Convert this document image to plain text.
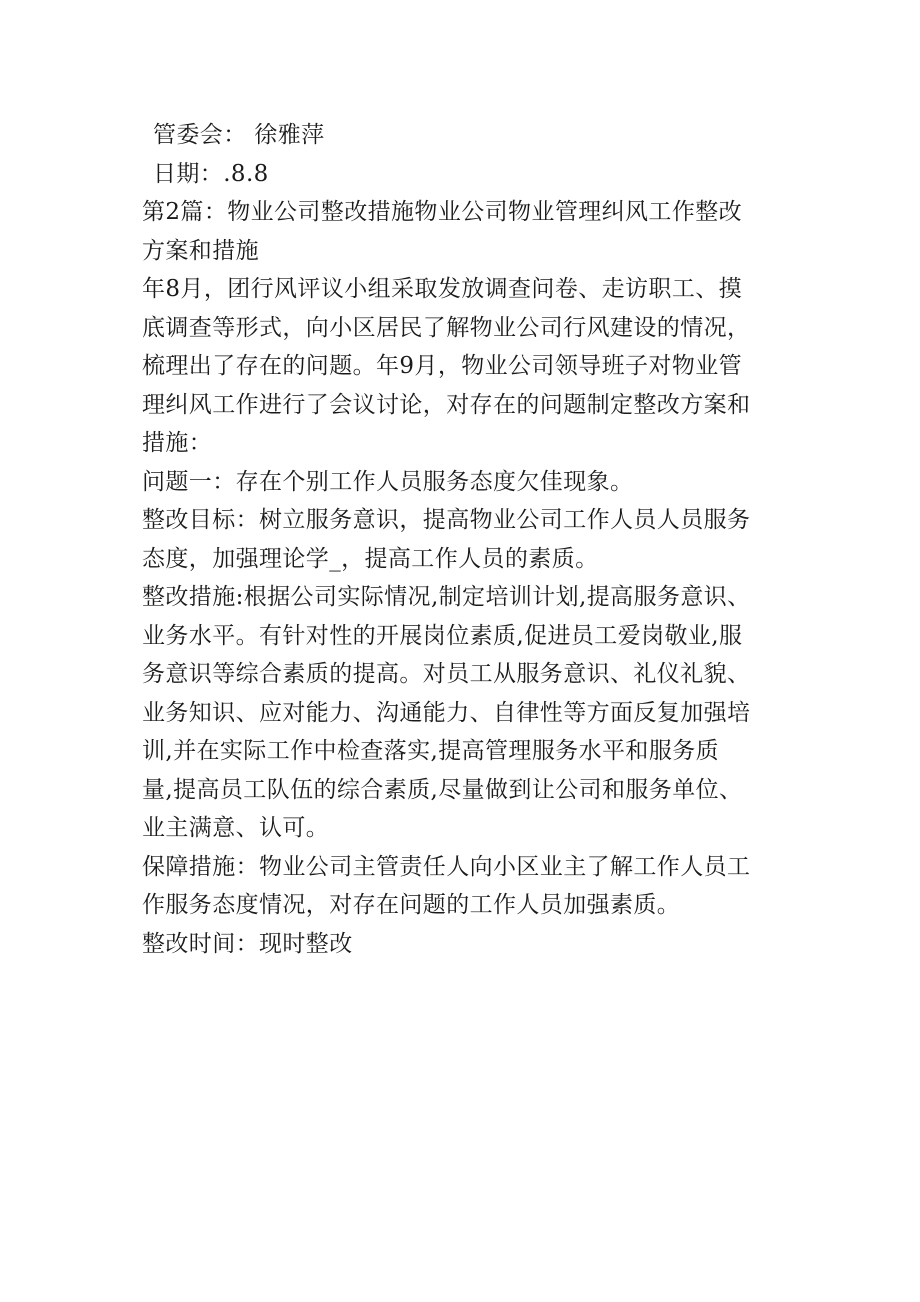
管委会： 徐雅萍

日期：.8.8

第2篇：物业公司整改措施物业公司物业管理纠风工作整改

方案和措施

年8月，团行风评议小组采取发放调查问卷、走访职工、摸

底调查等形式，向小区居民了解物业公司行风建设的情况，

梳理出了存在的问题。年9月，物业公司领导班子对物业管

理纠风工作进行了会议讨论，对存在的问题制定整改方案和

措施：

问题一：存在个别工作人员服务态度欠佳现象。

整改目标：树立服务意识，提高物业公司工作人员人员服务

态度，加强理论学_，提高工作人员的素质。

整改措施:根据公司实际情况,制定培训计划,提高服务意识、

业务水平。有针对性的开展岗位素质,促进员工爱岗敬业,服

务意识等综合素质的提高。对员工从服务意识、礼仪礼貌、

业务知识、应对能力、沟通能力、自律性等方面反复加强培

训,并在实际工作中检查落实,提高管理服务水平和服务质

量,提高员工队伍的综合素质,尽量做到让公司和服务单位、

业主满意、认可。

保障措施：物业公司主管责任人向小区业主了解工作人员工

作服务态度情况，对存在问题的工作人员加强素质。

整改时间：现时整改
